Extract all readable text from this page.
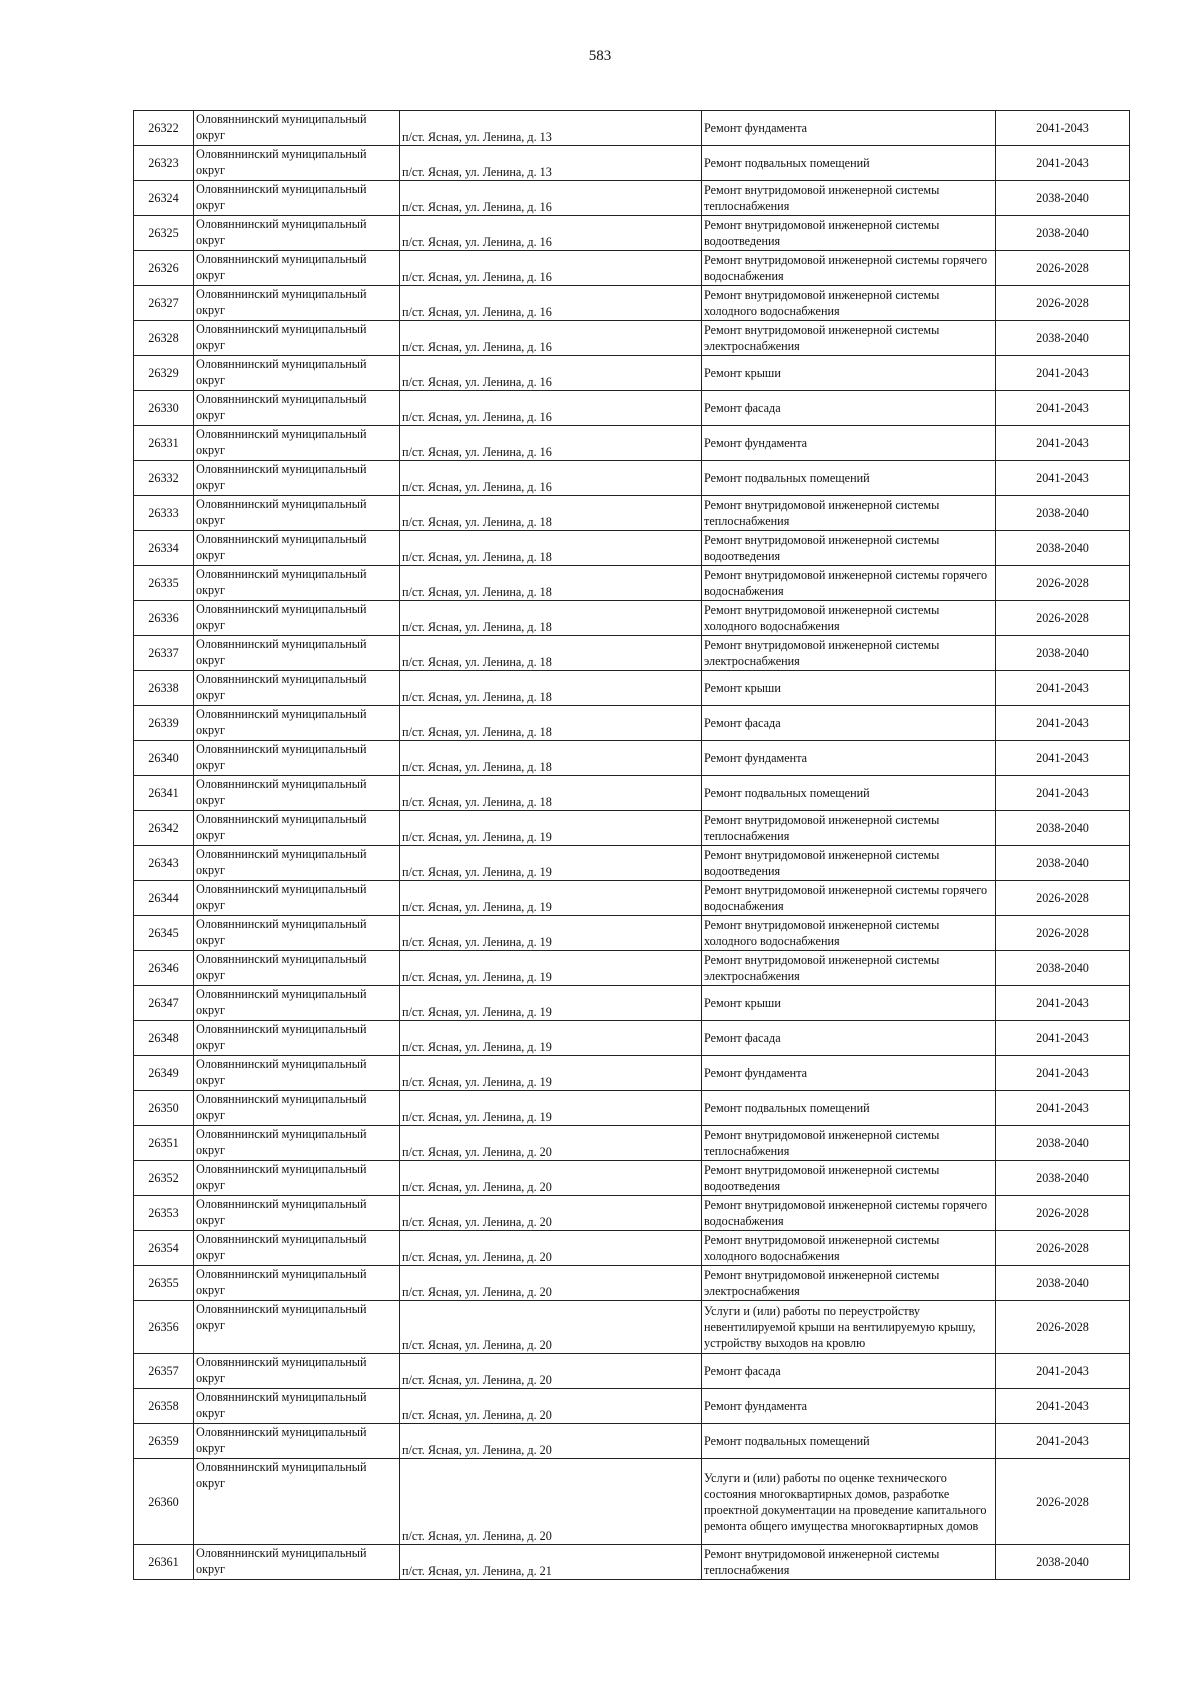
583
26322	Оловяннинский муниципальный округ	п/ст. Ясная, ул. Ленина, д. 13	Ремонт фундамента	2041-2043
26323	Оловяннинский муниципальный округ	п/ст. Ясная, ул. Ленина, д. 13	Ремонт подвальных помещений	2041-2043
26324	Оловяннинский муниципальный округ	п/ст. Ясная, ул. Ленина, д. 16	Ремонт внутридомовой инженерной системы теплоснабжения	2038-2040
26325	Оловяннинский муниципальный округ	п/ст. Ясная, ул. Ленина, д. 16	Ремонт внутридомовой инженерной системы водоотведения	2038-2040
26326	Оловяннинский муниципальный округ	п/ст. Ясная, ул. Ленина, д. 16	Ремонт внутридомовой инженерной системы горячего водоснабжения	2026-2028
26327	Оловяннинский муниципальный округ	п/ст. Ясная, ул. Ленина, д. 16	Ремонт внутридомовой инженерной системы холодного водоснабжения	2026-2028
26328	Оловяннинский муниципальный округ	п/ст. Ясная, ул. Ленина, д. 16	Ремонт внутридомовой инженерной системы электроснабжения	2038-2040
26329	Оловяннинский муниципальный округ	п/ст. Ясная, ул. Ленина, д. 16	Ремонт крыши	2041-2043
26330	Оловяннинский муниципальный округ	п/ст. Ясная, ул. Ленина, д. 16	Ремонт фасада	2041-2043
26331	Оловяннинский муниципальный округ	п/ст. Ясная, ул. Ленина, д. 16	Ремонт фундамента	2041-2043
26332	Оловяннинский муниципальный округ	п/ст. Ясная, ул. Ленина, д. 16	Ремонт подвальных помещений	2041-2043
26333	Оловяннинский муниципальный округ	п/ст. Ясная, ул. Ленина, д. 18	Ремонт внутридомовой инженерной системы теплоснабжения	2038-2040
26334	Оловяннинский муниципальный округ	п/ст. Ясная, ул. Ленина, д. 18	Ремонт внутридомовой инженерной системы водоотведения	2038-2040
26335	Оловяннинский муниципальный округ	п/ст. Ясная, ул. Ленина, д. 18	Ремонт внутридомовой инженерной системы горячего водоснабжения	2026-2028
26336	Оловяннинский муниципальный округ	п/ст. Ясная, ул. Ленина, д. 18	Ремонт внутридомовой инженерной системы холодного водоснабжения	2026-2028
26337	Оловяннинский муниципальный округ	п/ст. Ясная, ул. Ленина, д. 18	Ремонт внутридомовой инженерной системы электроснабжения	2038-2040
26338	Оловяннинский муниципальный округ	п/ст. Ясная, ул. Ленина, д. 18	Ремонт крыши	2041-2043
26339	Оловяннинский муниципальный округ	п/ст. Ясная, ул. Ленина, д. 18	Ремонт фасада	2041-2043
26340	Оловяннинский муниципальный округ	п/ст. Ясная, ул. Ленина, д. 18	Ремонт фундамента	2041-2043
26341	Оловяннинский муниципальный округ	п/ст. Ясная, ул. Ленина, д. 18	Ремонт подвальных помещений	2041-2043
26342	Оловяннинский муниципальный округ	п/ст. Ясная, ул. Ленина, д. 19	Ремонт внутридомовой инженерной системы теплоснабжения	2038-2040
26343	Оловяннинский муниципальный округ	п/ст. Ясная, ул. Ленина, д. 19	Ремонт внутридомовой инженерной системы водоотведения	2038-2040
26344	Оловяннинский муниципальный округ	п/ст. Ясная, ул. Ленина, д. 19	Ремонт внутридомовой инженерной системы горячего водоснабжения	2026-2028
26345	Оловяннинский муниципальный округ	п/ст. Ясная, ул. Ленина, д. 19	Ремонт внутридомовой инженерной системы холодного водоснабжения	2026-2028
26346	Оловяннинский муниципальный округ	п/ст. Ясная, ул. Ленина, д. 19	Ремонт внутридомовой инженерной системы электроснабжения	2038-2040
26347	Оловяннинский муниципальный округ	п/ст. Ясная, ул. Ленина, д. 19	Ремонт крыши	2041-2043
26348	Оловяннинский муниципальный округ	п/ст. Ясная, ул. Ленина, д. 19	Ремонт фасада	2041-2043
26349	Оловяннинский муниципальный округ	п/ст. Ясная, ул. Ленина, д. 19	Ремонт фундамента	2041-2043
26350	Оловяннинский муниципальный округ	п/ст. Ясная, ул. Ленина, д. 19	Ремонт подвальных помещений	2041-2043
26351	Оловяннинский муниципальный округ	п/ст. Ясная, ул. Ленина, д. 20	Ремонт внутридомовой инженерной системы теплоснабжения	2038-2040
26352	Оловяннинский муниципальный округ	п/ст. Ясная, ул. Ленина, д. 20	Ремонт внутридомовой инженерной системы водоотведения	2038-2040
26353	Оловяннинский муниципальный округ	п/ст. Ясная, ул. Ленина, д. 20	Ремонт внутридомовой инженерной системы горячего водоснабжения	2026-2028
26354	Оловяннинский муниципальный округ	п/ст. Ясная, ул. Ленина, д. 20	Ремонт внутридомовой инженерной системы холодного водоснабжения	2026-2028
26355	Оловяннинский муниципальный округ	п/ст. Ясная, ул. Ленина, д. 20	Ремонт внутридомовой инженерной системы электроснабжения	2038-2040
26356	Оловяннинский муниципальный округ	п/ст. Ясная, ул. Ленина, д. 20	Услуги и (или) работы по переустройству невентилируемой крыши на вентилируемую крышу, устройству выходов на кровлю	2026-2028
26357	Оловяннинский муниципальный округ	п/ст. Ясная, ул. Ленина, д. 20	Ремонт фасада	2041-2043
26358	Оловяннинский муниципальный округ	п/ст. Ясная, ул. Ленина, д. 20	Ремонт фундамента	2041-2043
26359	Оловяннинский муниципальный округ	п/ст. Ясная, ул. Ленина, д. 20	Ремонт подвальных помещений	2041-2043
26360	Оловяннинский муниципальный округ	п/ст. Ясная, ул. Ленина, д. 20	Услуги и (или) работы по оценке технического состояния многоквартирных домов, разработке проектной документации на проведение капитального ремонта общего имущества многоквартирных домов	2026-2028
26361	Оловяннинский муниципальный округ	п/ст. Ясная, ул. Ленина, д. 21	Ремонт внутридомовой инженерной системы теплоснабжения	2038-2040
